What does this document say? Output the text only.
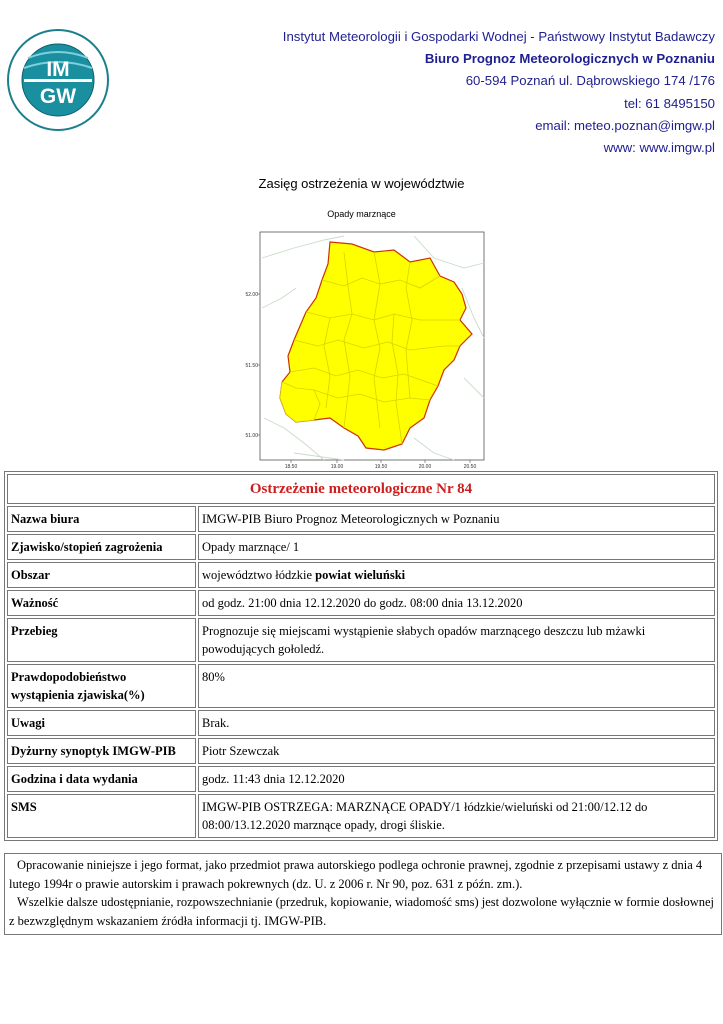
IM
GW
Instytut Meteorologii i Gospodarki Wodnej - Państwowy Instytut Badawczy
Biuro Prognoz Meteorologicznych w Poznaniu
60-594 Poznań ul. Dąbrowskiego 174 /176
tel: 61 8495150
email: meteo.poznan@imgw.pl
www: www.imgw.pl
Zasięg ostrzeżenia w województwie
Opady marznące
52.00
51.50
51.00
18.50	19.00	19.50	20.00	20.50
Ostrzeżenie meteorologiczne Nr 84	
Nazwa biura	IMGW-PIB Biuro Prognoz Meteorologicznych w Poznaniu
Zjawisko/stopień zagrożenia	Opady marznące/ 1
Obszar	województwo łódzkie powiat wieluński
Ważność	od godz. 21:00 dnia 12.12.2020 do godz. 08:00 dnia 13.12.2020
Przebieg	Prognozuje się miejscami wystąpienie słabych opadów marznącego deszczu lub mżawki powodujących gołoledź.
Prawdopodobieństwo wystąpienia zjawiska(%)	80%
Uwagi	Brak.
Dyżurny synoptyk IMGW-PIB	Piotr Szewczak
Godzina i data wydania	godz. 11:43 dnia 12.12.2020
SMS	IMGW-PIB OSTRZEGA: MARZNĄCE OPADY/1 łódzkie/wieluński od 21:00/12.12 do 08:00/13.12.2020 marznące opady, drogi śliskie.
Opracowanie niniejsze i jego format, jako przedmiot prawa autorskiego podlega ochronie prawnej, zgodnie z przepisami ustawy z dnia 4 lutego 1994r o prawie autorskim i prawach pokrewnych (dz. U. z 2006 r. Nr 90, poz. 631 z późn. zm.).
Wszelkie dalsze udostępnianie, rozpowszechnianie (przedruk, kopiowanie, wiadomość sms) jest dozwolone wyłącznie w formie dosłownej z bezwzględnym wskazaniem źródła informacji tj. IMGW-PIB.
